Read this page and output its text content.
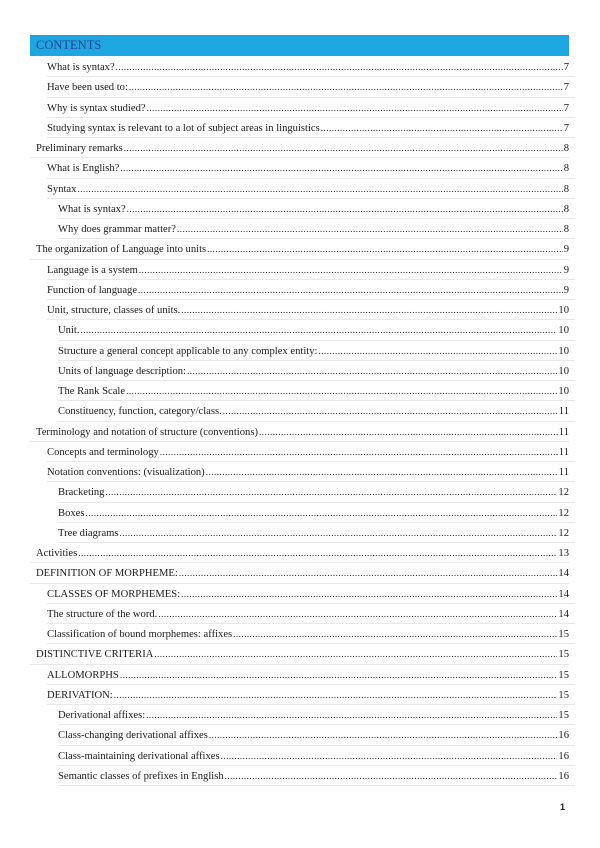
CONTENTS
What is syntax? .....	7
Have been used to: .....	7
Why is syntax studied? .....	7
Studying syntax is relevant to a lot of subject areas in linguistics .....	7
Preliminary remarks .....	8
What is English? .....	8
Syntax .....	8
What is syntax? .....	8
Why does grammar matter? .....	8
The organization of Language into units .....	9
Language is a system .....	9
Function of language .....	9
Unit, structure, classes of units. .....	10
Unit. .....	10
Structure a general concept applicable to any complex entity: .....	10
Units of language description: .....	10
The Rank Scale .....	10
Constituency, function, category/class. .....	11
Terminology and notation of structure (conventions) .....	11
Concepts and terminology .....	11
Notation conventions: (visualization) .....	11
Bracketing .....	12
Boxes .....	12
Tree diagrams .....	12
Activities .....	13
DEFINITION OF MORPHEME: .....	14
CLASSES OF MORPHEMES: .....	14
The structure of the word. .....	14
Classification of bound morphemes: affixes .....	15
DISTINCTIVE CRITERIA .....	15
ALLOMORPHS .....	15
DERIVATION: .....	15
Derivational affixes: .....	15
Class-changing derivational affixes .....	16
Class-maintaining derivational affixes .....	16
Semantic classes of prefixes in English .....	16
1
